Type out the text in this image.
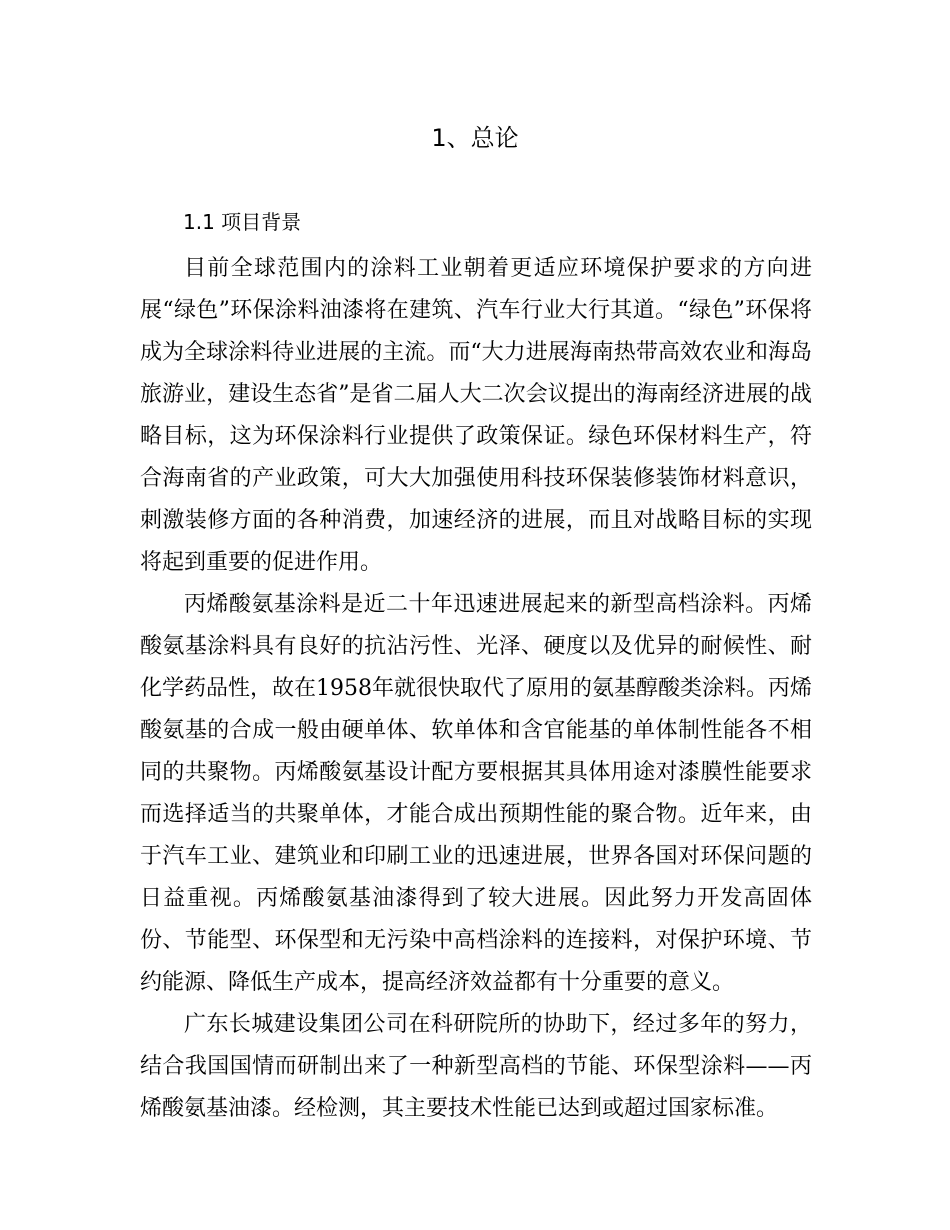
1、总论
1.1 项目背景

目前全球范围内的涂料工业朝着更适应环境保护要求的方向进展“绿色”环保涂料油漆将在建筑、汽车行业大行其道。“绿色”环保将成为全球涂料待业进展的主流。而“大力进展海南热带高效农业和海岛旅游业，建设生态省”是省二届人大二次会议提出的海南经济进展的战略目标，这为环保涂料行业提供了政策保证。绿色环保材料生产，符合海南省的产业政策，可大大加强使用科技环保装修装饰材料意识，刺激装修方面的各种消费，加速经济的进展，而且对战略目标的实现将起到重要的促进作用。

丙烯酸氨基涂料是近二十年迅速进展起来的新型高档涂料。丙烯酸氨基涂料具有良好的抗沾污性、光泽、硬度以及优异的耐候性、耐化学药品性，故在1958年就很快取代了原用的氨基醇酸类涂料。丙烯酸氨基的合成一般由硬单体、软单体和含官能基的单体制性能各不相同的共聚物。丙烯酸氨基设计配方要根据其具体用途对漆膜性能要求而选择适当的共聚单体，才能合成出预期性能的聚合物。近年来，由于汽车工业、建筑业和印刷工业的迅速进展，世界各国对环保问题的日益重视。丙烯酸氨基油漆得到了较大进展。因此努力开发高固体份、节能型、环保型和无污染中高档涂料的连接料，对保护环境、节约能源、降低生产成本，提高经济效益都有十分重要的意义。

广东长城建设集团公司在科研院所的协助下，经过多年的努力，结合我国国情而研制出来了一种新型高档的节能、环保型涂料——丙烯酸氨基油漆。经检测，其主要技术性能已达到或超过国家标准。
